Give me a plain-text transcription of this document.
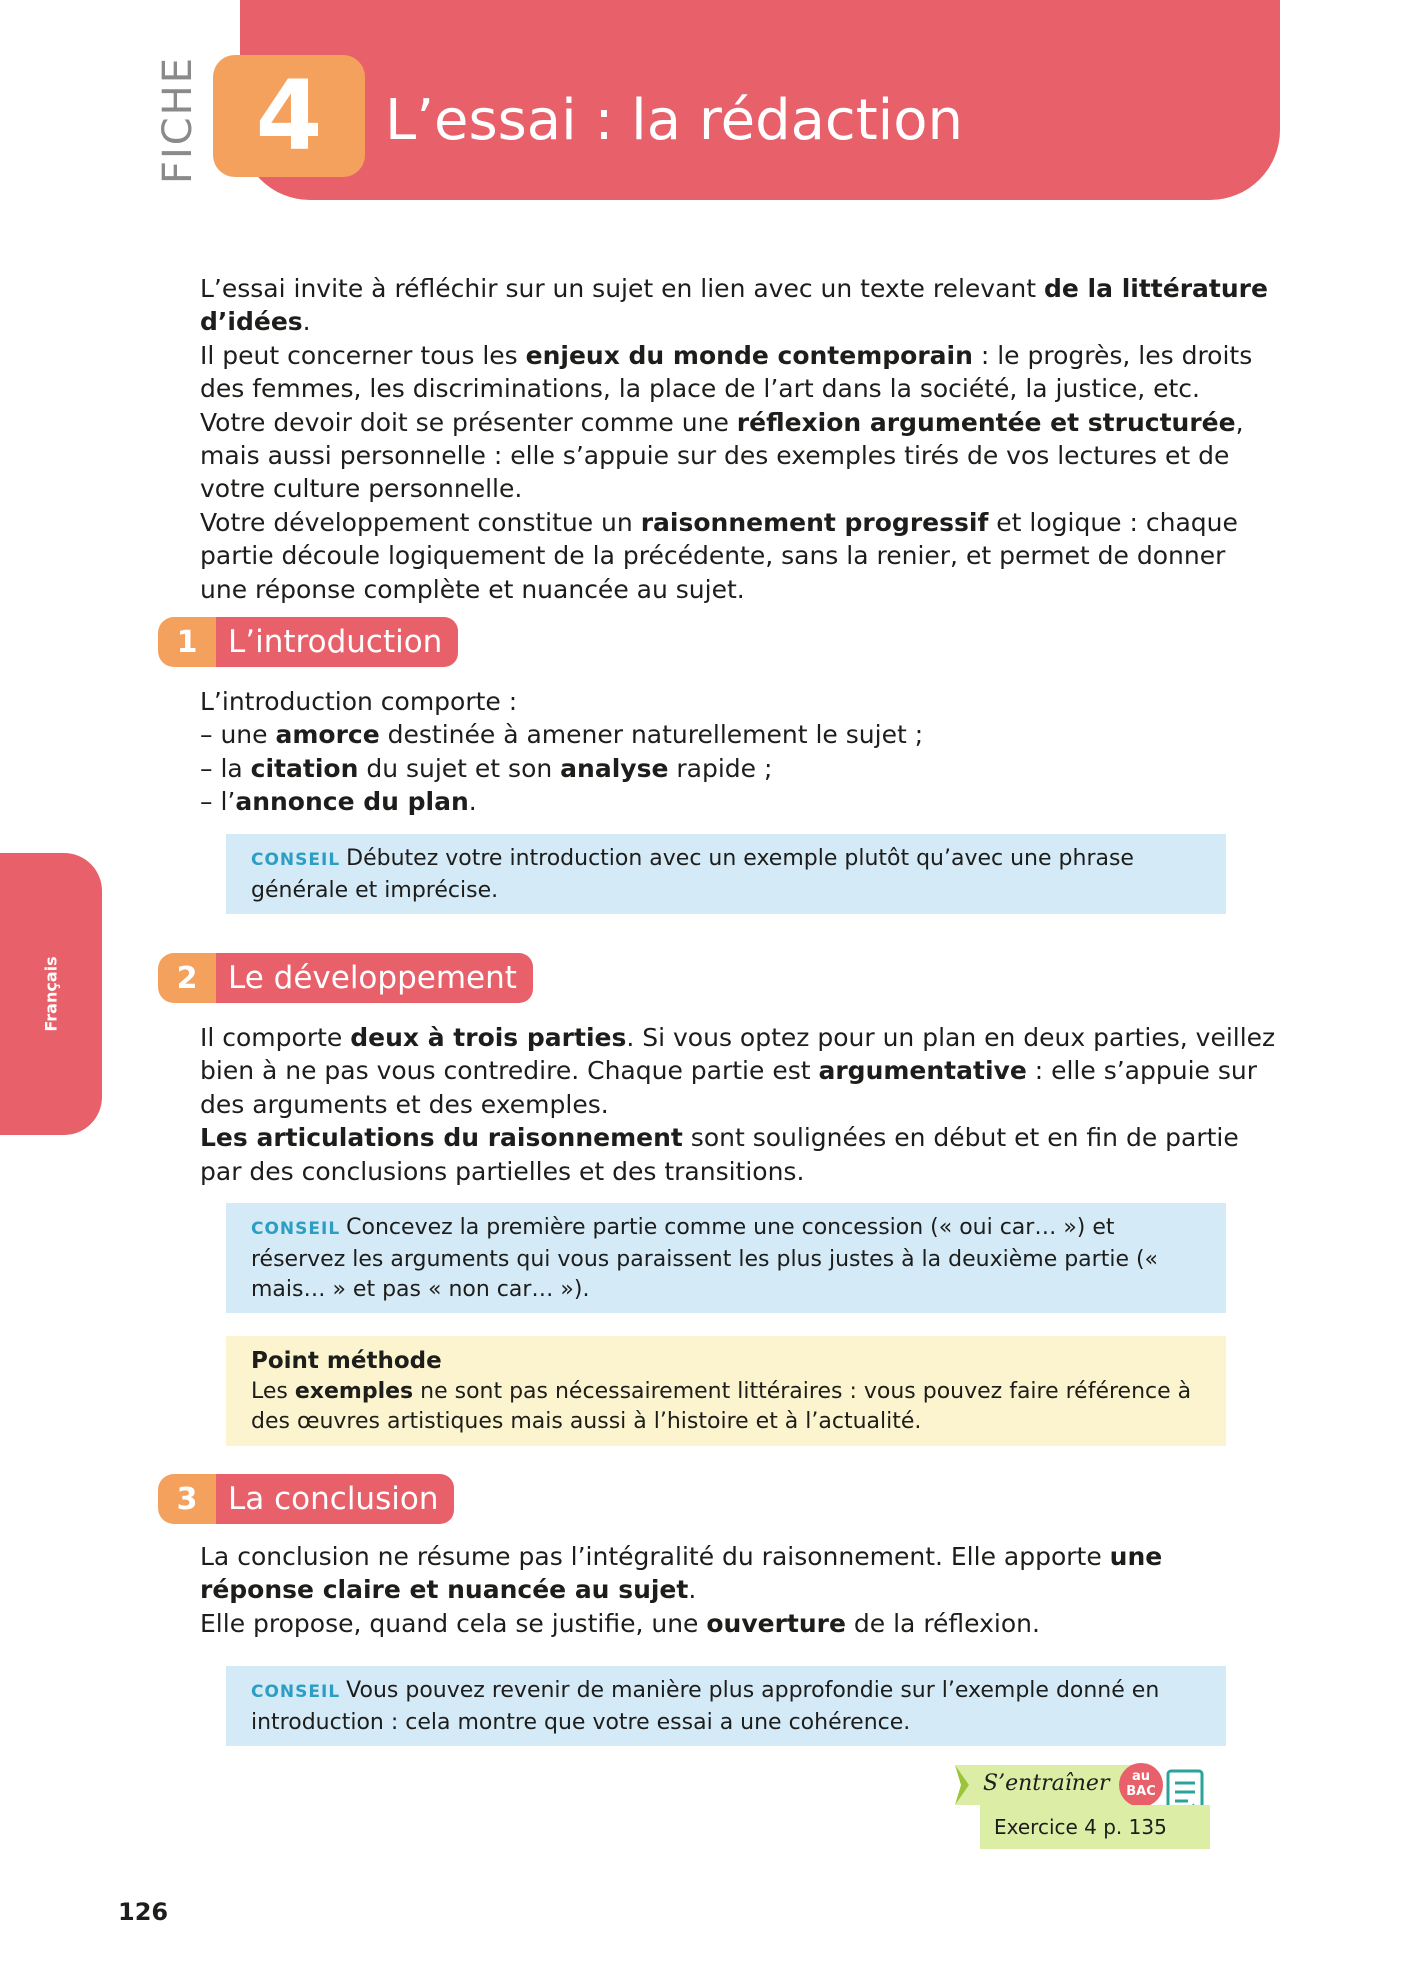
FICHE 4	L’essai : la rédaction
Français

L’essai invite à réfléchir sur un sujet en lien avec un texte relevant de la littérature d’idées.

Il peut concerner tous les enjeux du monde contemporain : le progrès, les droits des femmes, les discriminations, la place de l’art dans la société, la justice, etc.

Votre devoir doit se présenter comme une réflexion argumentée et structurée, mais aussi personnelle : elle s’appuie sur des exemples tirés de vos lectures et de votre culture personnelle.

Votre développement constitue un raisonnement progressif et logique : chaque partie découle logiquement de la précédente, sans la renier, et permet de donner une réponse complète et nuancée au sujet.

1 L’introduction

L’introduction comporte :

– une amorce destinée à amener naturellement le sujet ;

– la citation du sujet et son analyse rapide ;

– l’annonce du plan.

CONSEIL Débutez votre introduction avec un exemple plutôt qu’avec une phrase générale et imprécise.
2 Le développement

Il comporte deux à trois parties. Si vous optez pour un plan en deux parties, veillez bien à ne pas vous contredire. Chaque partie est argumentative : elle s’appuie sur des arguments et des exemples.

Les articulations du raisonnement sont soulignées en début et en fin de partie par des conclusions partielles et des transitions.

CONSEIL Concevez la première partie comme une concession (« oui car… ») et réservez les arguments qui vous paraissent les plus justes à la deuxième partie (« mais… » et pas « non car… »).
Point méthode
Les exemples ne sont pas nécessairement littéraires : vous pouvez faire référence à des œuvres artistiques mais aussi à l’histoire et à l’actualité.
3 La conclusion

La conclusion ne résume pas l’intégralité du raisonnement. Elle apporte une réponse claire et nuancée au sujet.

Elle propose, quand cela se justifie, une ouverture de la réflexion.

CONSEIL Vous pouvez revenir de manière plus approfondie sur l’exemple donné en introduction : cela montre que votre essai a une cohérence.
S’entraîner	au
BAC
Exercice 4 p. 135
126
